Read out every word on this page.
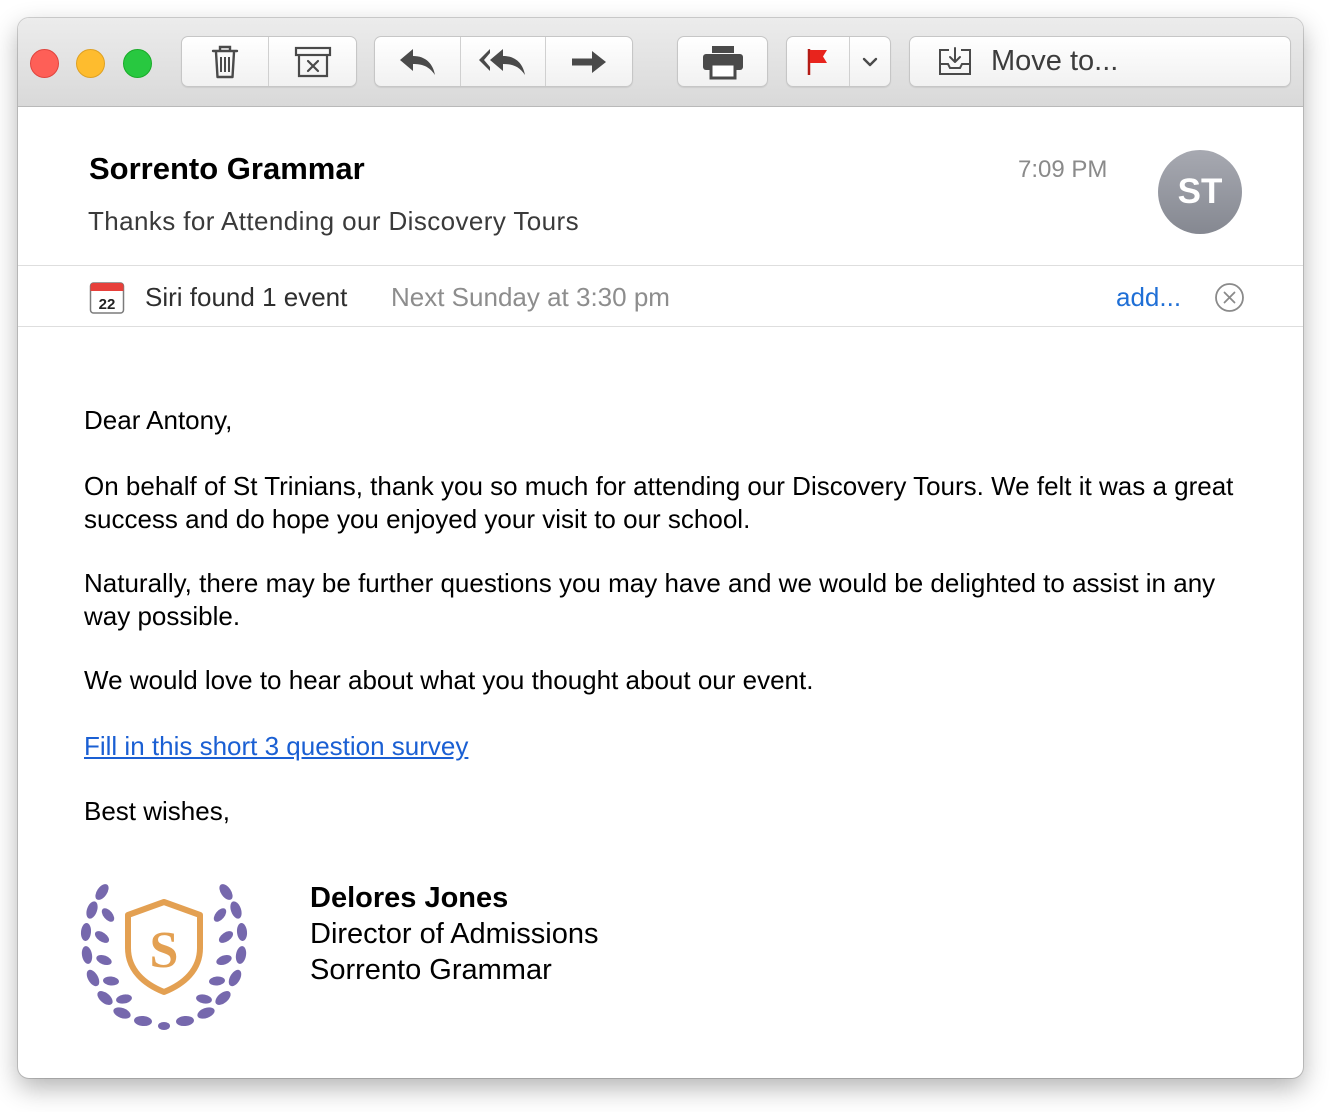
Move to...
Sorrento Grammar
Thanks for Attending our Discovery Tours
7:09 PM
ST
22 Siri found 1 event Next Sunday at 3:30 pm	add...

Dear Antony,

On behalf of St Trinians, thank you so much for attending our Discovery Tours. We felt it was a great success and do hope you enjoyed your visit to our school.

Naturally, there may be further questions you may have and we would be delighted to assist in any way possible.

We would love to hear about what you thought about our event.

Fill in this short 3 question survey

Best wishes,

S
Delores Jones
Director of Admissions
Sorrento Grammar
